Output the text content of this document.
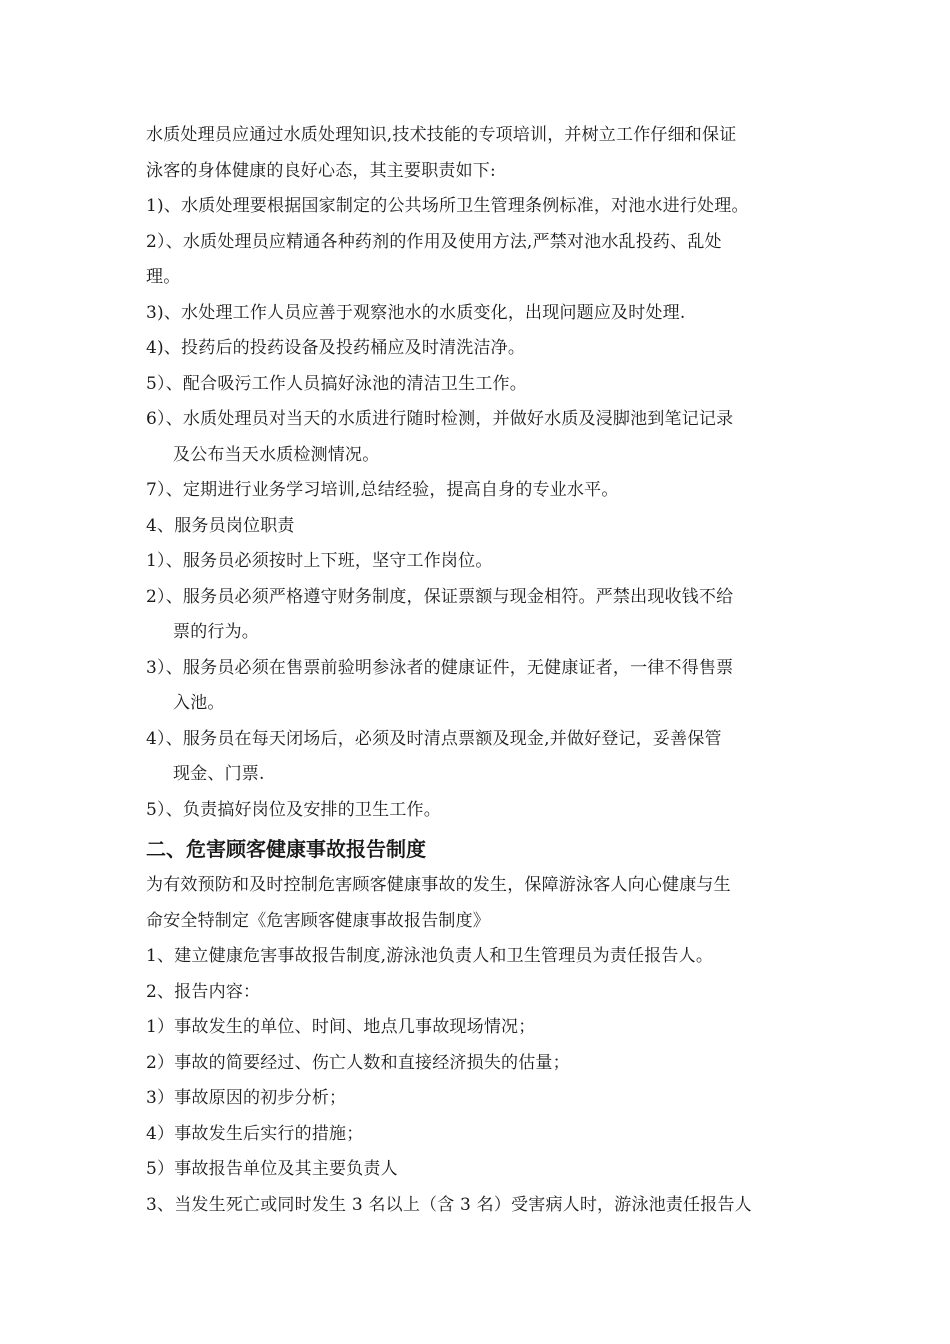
水质处理员应通过水质处理知识,技术技能的专项培训，并树立工作仔细和保证
泳客的身体健康的良好心态，其主要职责如下:
1)、水质处理要根据国家制定的公共场所卫生管理条例标准，对池水进行处理。
2）、水质处理员应精通各种药剂的作用及使用方法,严禁对池水乱投药、乱处
理。
3)、水处理工作人员应善于观察池水的水质变化，出现问题应及时处理.
4)、投药后的投药设备及投药桶应及时清洗洁净。
5）、配合吸污工作人员搞好泳池的清洁卫生工作。
6）、水质处理员对当天的水质进行随时检测，并做好水质及浸脚池到笔记记录
及公布当天水质检测情况。
7）、定期进行业务学习培训,总结经验，提高自身的专业水平。
4、服务员岗位职责
1）、服务员必须按时上下班，坚守工作岗位。
2）、服务员必须严格遵守财务制度，保证票额与现金相符。严禁出现收钱不给
票的行为。
3）、服务员必须在售票前验明参泳者的健康证件，无健康证者，一律不得售票
入池。
4）、服务员在每天闭场后，必须及时清点票额及现金,并做好登记，妥善保管
现金、门票.
5）、负责搞好岗位及安排的卫生工作。
二、危害顾客健康事故报告制度
为有效预防和及时控制危害顾客健康事故的发生，保障游泳客人向心健康与生
命安全特制定《危害顾客健康事故报告制度》
1、建立健康危害事故报告制度,游泳池负责人和卫生管理员为责任报告人。
2、报告内容：
1）事故发生的单位、时间、地点几事故现场情况；
2）事故的简要经过、伤亡人数和直接经济损失的估量；
3）事故原因的初步分析；
4）事故发生后实行的措施；
5）事故报告单位及其主要负责人
3、当发生死亡或同时发生 3 名以上（含 3 名）受害病人时，游泳池责任报告人
